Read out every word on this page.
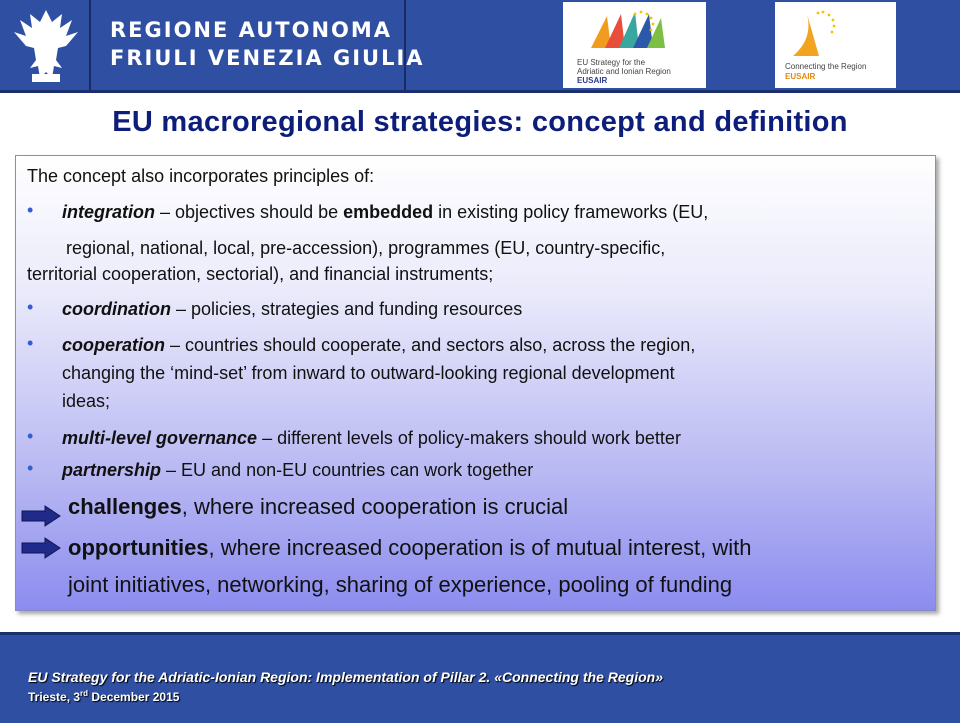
REGIONE AUTONOMA
FRIULI VENEZIA GIULIA	EU Strategy for the
Adriatic and Ionian Region
EUSAIR
Connecting the Region
EUSAIR
EU macroregional strategies: concept and definition
The concept also incorporates principles of:
• integration – objectives should be embedded in existing policy frameworks (EU,
regional, national, local, pre-accession), programmes (EU, country-specific,
territorial cooperation, sectorial), and financial instruments;
• coordination – policies, strategies and funding resources
• cooperation – countries should cooperate, and sectors also, across the region,
changing the ‘mind-set’ from inward to outward-looking regional development
ideas;
• multi-level governance – different levels of policy-makers should work better
• partnership – EU and non-EU countries can work together
challenges, where increased cooperation is crucial
opportunities, where increased cooperation is of mutual interest, with
joint initiatives, networking, sharing of experience, pooling of funding
EU Strategy for the Adriatic-Ionian Region: Implementation of Pillar 2. «Connecting the Region»
Trieste, 3rd December 2015
